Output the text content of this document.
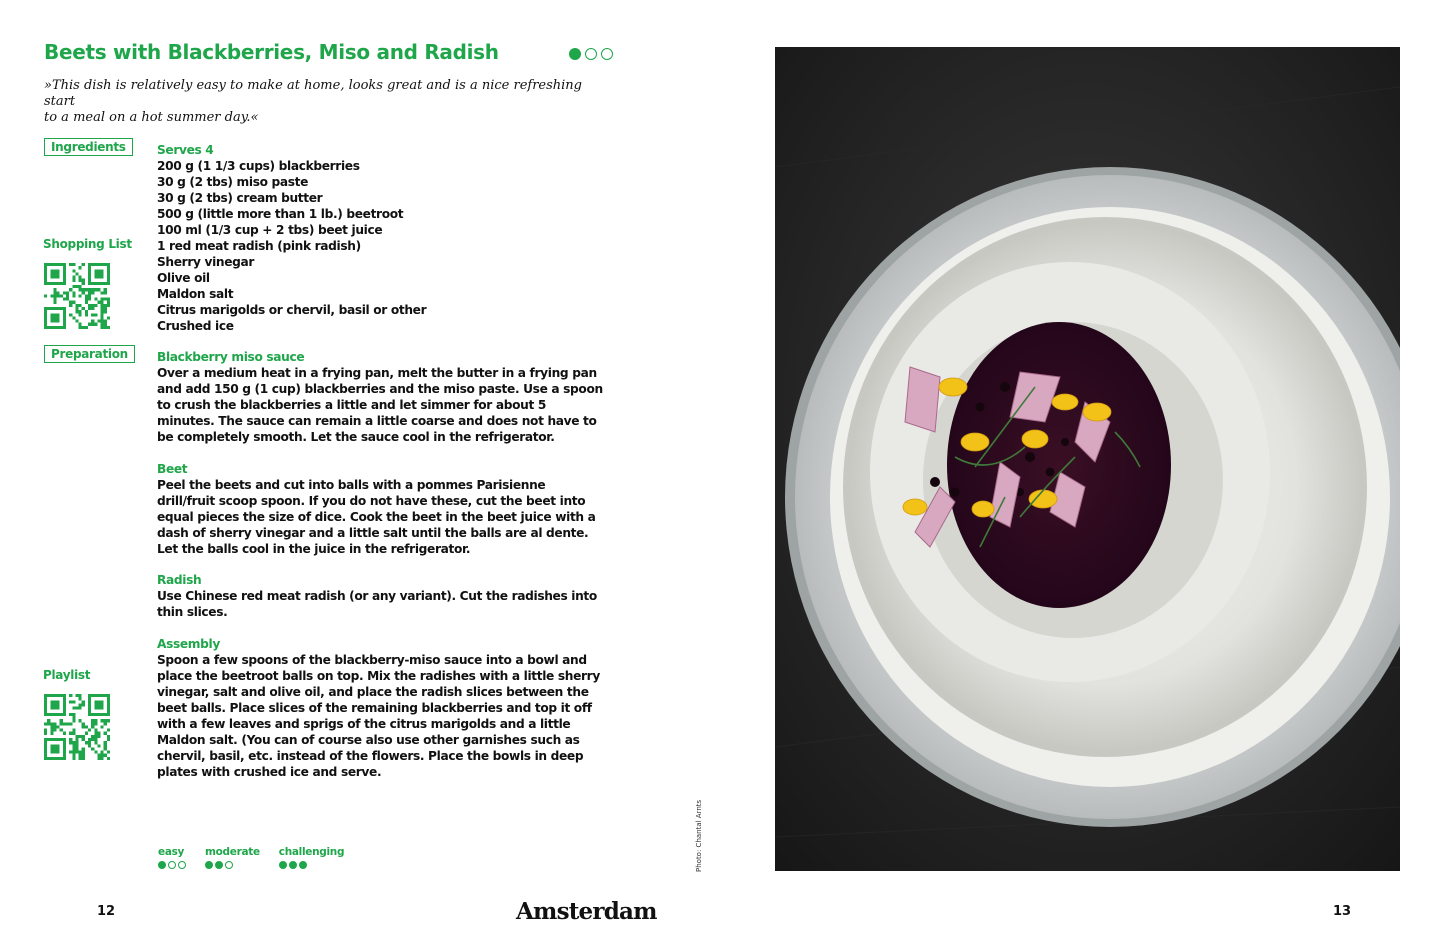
Beets with Blackberries, Miso and Radish
»This dish is relatively easy to make at home, looks great and is a nice refreshing start
to a meal on a hot summer day.«
Ingredients
Shopping List
Preparation
Playlist
Serves 4
200 g (1 1/3 cups) blackberries
30 g (2 tbs) miso paste
30 g (2 tbs) cream butter
500 g (little more than 1 lb.) beetroot
100 ml (1/3 cup + 2 tbs) beet juice
1 red meat radish (pink radish)
Sherry vinegar
Olive oil
Maldon salt
Citrus marigolds or chervil, basil or other
Crushed ice
Blackberry miso sauce
Over a medium heat in a frying pan, melt the butter in a frying pan and add 150 g (1 cup) blackberries and the miso paste. Use a spoon to crush the blackberries a little and let simmer for about 5 minutes. The sauce can remain a little coarse and does not have to be completely smooth. Let the sauce cool in the refrigerator.
Beet
Peel the beets and cut into balls with a pommes Parisienne drill/fruit scoop spoon. If you do not have these, cut the beet into equal pieces the size of dice. Cook the beet in the beet juice with a dash of sherry vinegar and a little salt until the balls are al dente. Let the balls cool in the juice in the refrigerator.
Radish
Use Chinese red meat radish (or any variant). Cut the radishes into thin slices.
Assembly
Spoon a few spoons of the blackberry-miso sauce into a bowl and place the beetroot balls on top. Mix the radishes with a little sherry vinegar, salt and olive oil, and place the radish slices between the beet balls. Place slices of the remaining blackberries and top it off with a few leaves and sprigs of the citrus marigolds and a little Maldon salt. (You can of course also use other garnishes such as chervil, basil, etc. instead of the flowers. Place the bowls in deep plates with crushed ice and serve.
easy moderate challenging	Photo: Chantal Arnts
12	Amsterdam	13
